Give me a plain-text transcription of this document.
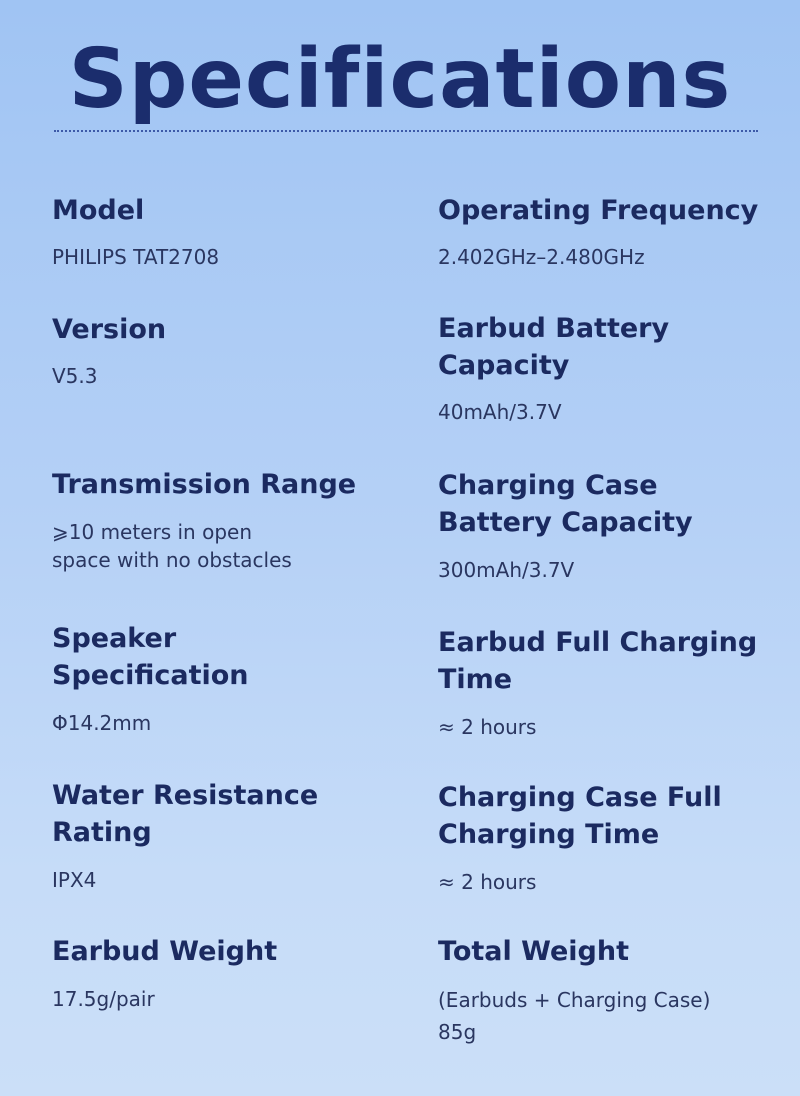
Specifications
Model
PHILIPS TAT2708
Version
V5.3
Transmission Range
⩾10 meters in open
space with no obstacles
Speaker
Specification
Φ14.2mm
Water Resistance
Rating
IPX4
Earbud Weight
17.5g/pair
Operating Frequency
2.402GHz–2.480GHz
Earbud Battery
Capacity
40mAh/3.7V
Charging Case
Battery Capacity
300mAh/3.7V
Earbud Full Charging
Time
≈ 2 hours
Charging Case Full
Charging Time
≈ 2 hours
Total Weight
(Earbuds + Charging Case)
85g
